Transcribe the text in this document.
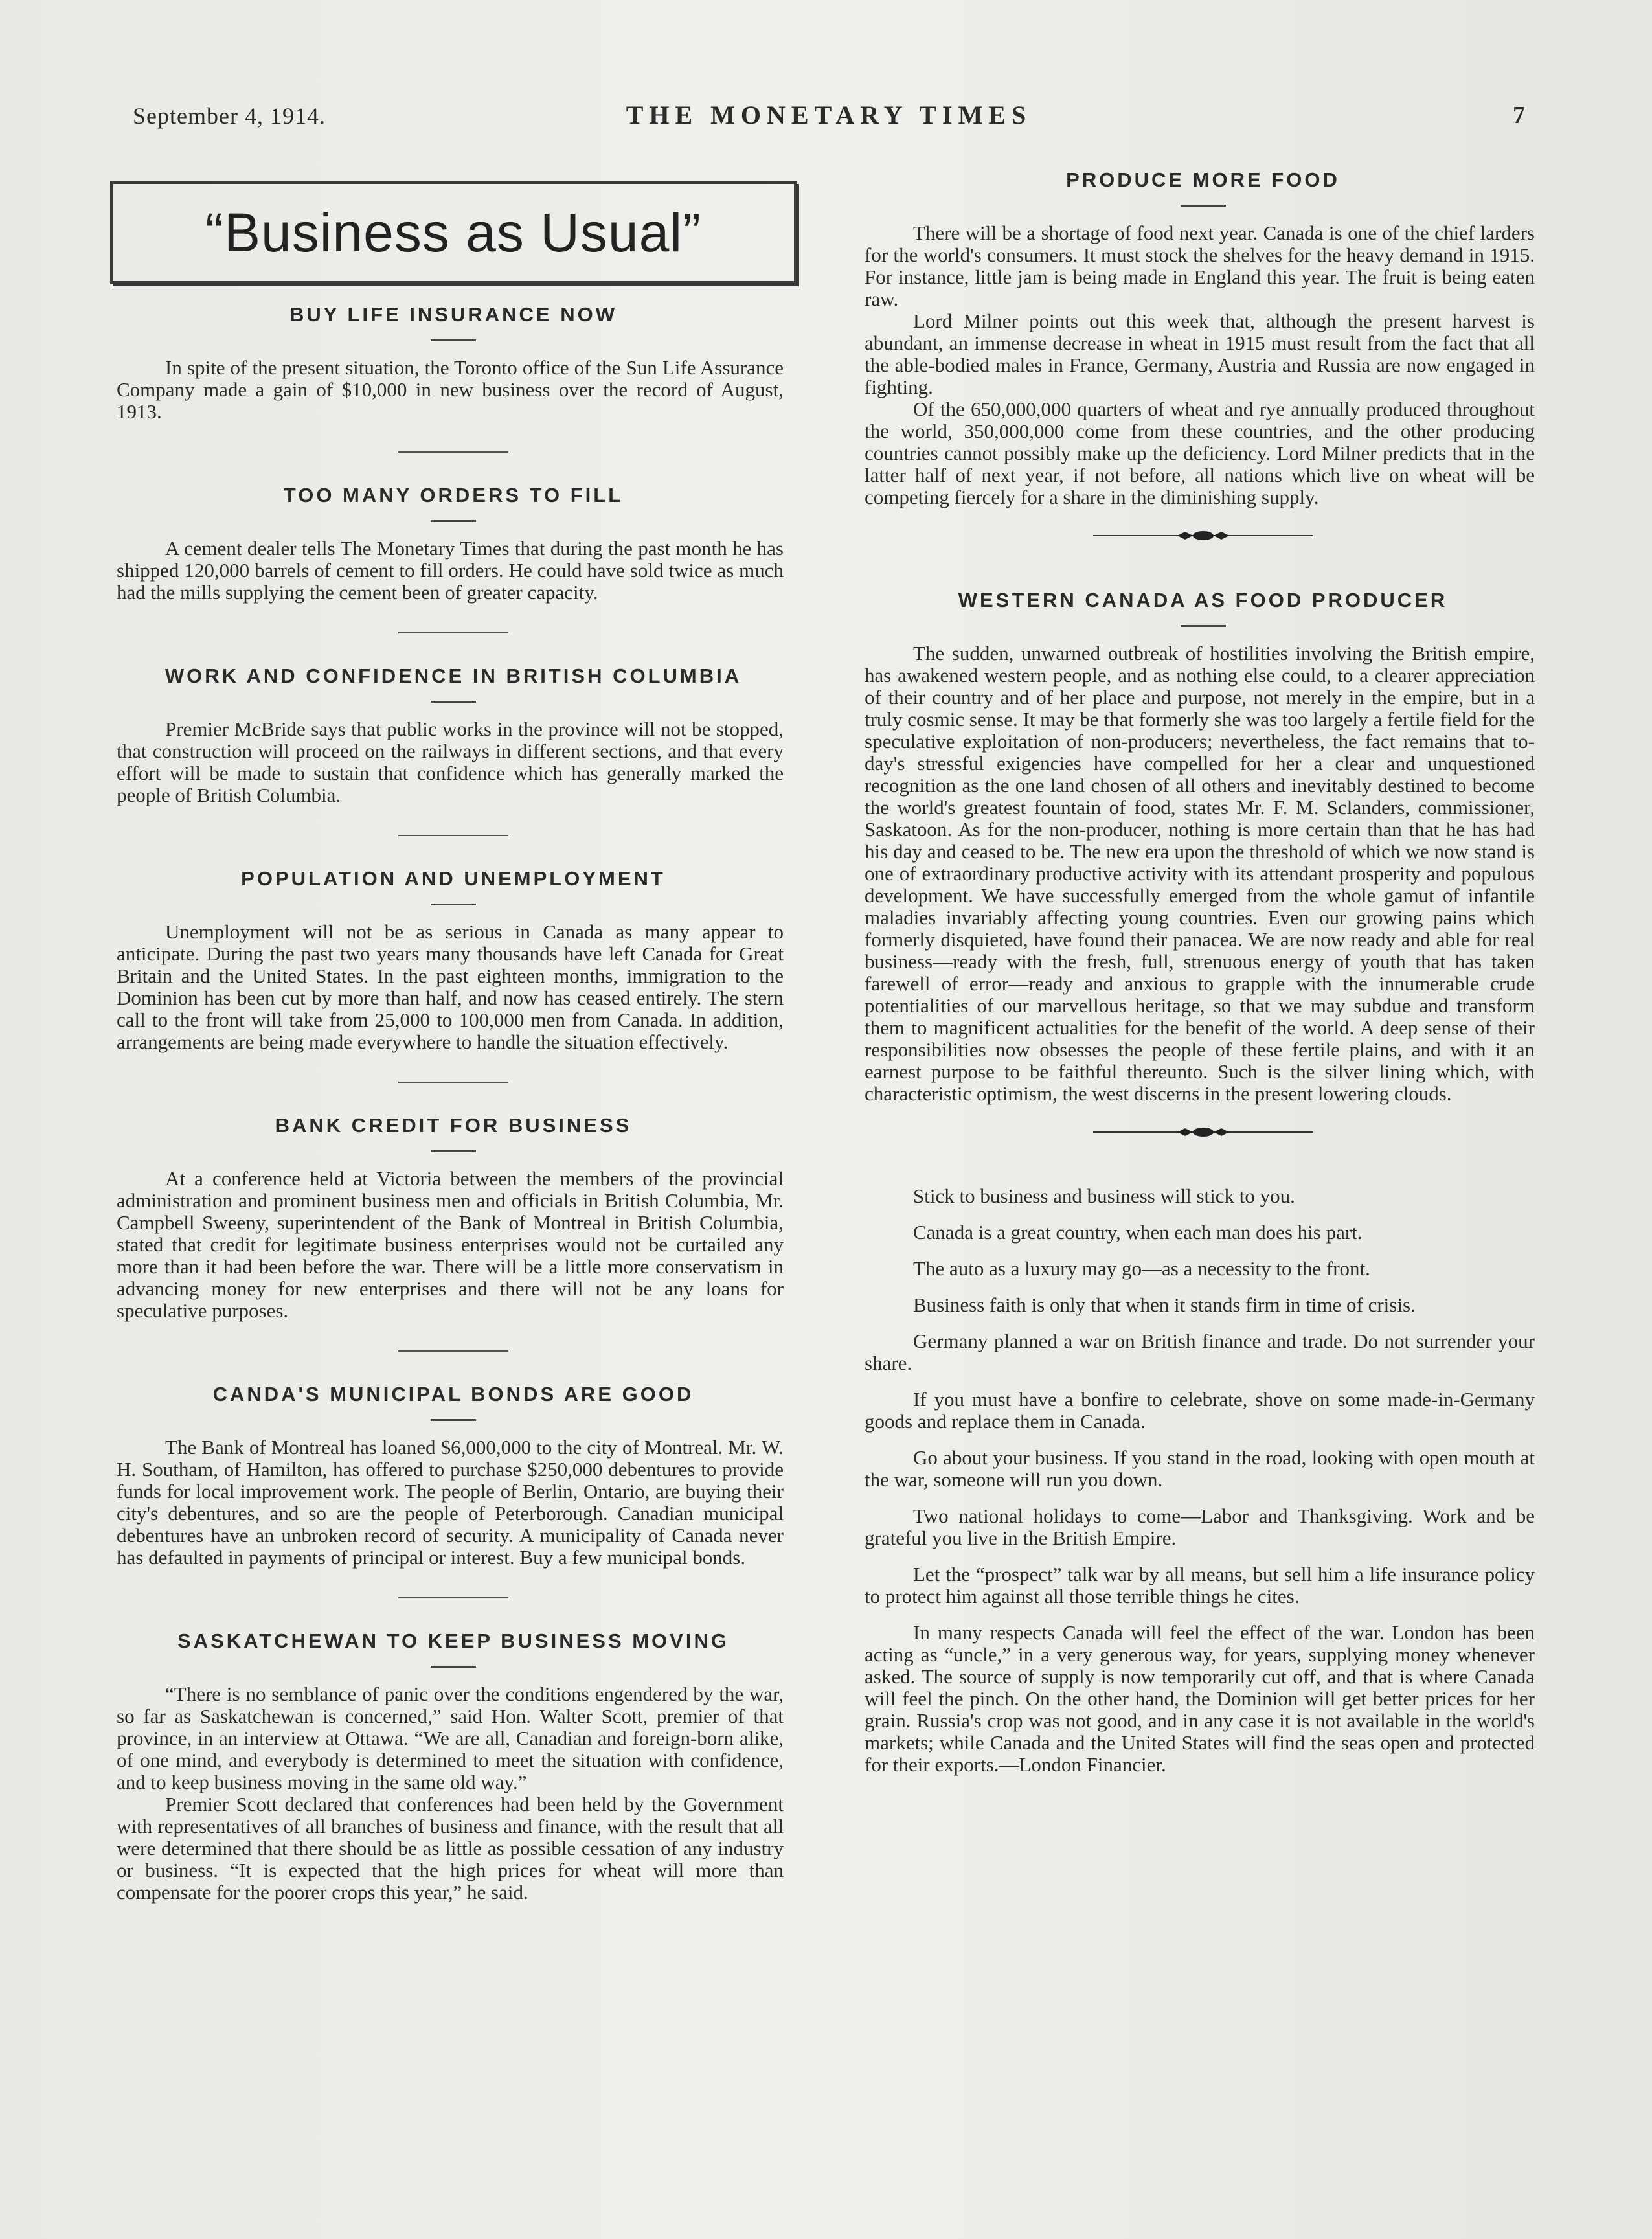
September 4, 1914.	THE MONETARY TIMES	7
“Business as Usual”
BUY LIFE INSURANCE NOW

In spite of the present situation, the Toronto office of the Sun Life Assurance Company made a gain of $10,000 in new business over the record of August, 1913.

TOO MANY ORDERS TO FILL

A cement dealer tells The Monetary Times that during the past month he has shipped 120,000 barrels of cement to fill orders. He could have sold twice as much had the mills supplying the cement been of greater capacity.

WORK AND CONFIDENCE IN BRITISH COLUMBIA

Premier McBride says that public works in the province will not be stopped, that construction will proceed on the railways in different sections, and that every effort will be made to sustain that confidence which has generally marked the people of British Columbia.

POPULATION AND UNEMPLOYMENT

Unemployment will not be as serious in Canada as many appear to anticipate. During the past two years many thousands have left Canada for Great Britain and the United States. In the past eighteen months, immigration to the Dominion has been cut by more than half, and now has ceased entirely. The stern call to the front will take from 25,000 to 100,000 men from Canada. In addition, arrangements are being made everywhere to handle the situation effectively.

BANK CREDIT FOR BUSINESS

At a conference held at Victoria between the members of the provincial administration and prominent business men and officials in British Columbia, Mr. Campbell Sweeny, superintendent of the Bank of Montreal in British Columbia, stated that credit for legitimate business enterprises would not be curtailed any more than it had been before the war. There will be a little more conservatism in advancing money for new enterprises and there will not be any loans for speculative purposes.

CANDA'S MUNICIPAL BONDS ARE GOOD

The Bank of Montreal has loaned $6,000,000 to the city of Montreal. Mr. W. H. Southam, of Hamilton, has offered to purchase $250,000 debentures to provide funds for local improvement work. The people of Berlin, Ontario, are buying their city's debentures, and so are the people of Peterborough. Canadian municipal debentures have an unbroken record of security. A municipality of Canada never has defaulted in payments of principal or interest. Buy a few municipal bonds.

SASKATCHEWAN TO KEEP BUSINESS MOVING

“There is no semblance of panic over the conditions engendered by the war, so far as Saskatchewan is concerned,” said Hon. Walter Scott, premier of that province, in an interview at Ottawa. “We are all, Canadian and foreign-born alike, of one mind, and everybody is determined to meet the situation with confidence, and to keep business moving in the same old way.”

Premier Scott declared that conferences had been held by the Government with representatives of all branches of business and finance, with the result that all were determined that there should be as little as possible cessation of any industry or business. “It is expected that the high prices for wheat will more than compensate for the poorer crops this year,” he said.

PRODUCE MORE FOOD

There will be a shortage of food next year. Canada is one of the chief larders for the world's consumers. It must stock the shelves for the heavy demand in 1915. For instance, little jam is being made in England this year. The fruit is being eaten raw.

Lord Milner points out this week that, although the present harvest is abundant, an immense decrease in wheat in 1915 must result from the fact that all the able-bodied males in France, Germany, Austria and Russia are now engaged in fighting.

Of the 650,000,000 quarters of wheat and rye annually produced throughout the world, 350,000,000 come from these countries, and the other producing countries cannot possibly make up the deficiency. Lord Milner predicts that in the latter half of next year, if not before, all nations which live on wheat will be competing fiercely for a share in the diminishing supply.

WESTERN CANADA AS FOOD PRODUCER

The sudden, unwarned outbreak of hostilities involving the British empire, has awakened western people, and as nothing else could, to a clearer appreciation of their country and of her place and purpose, not merely in the empire, but in a truly cosmic sense. It may be that formerly she was too largely a fertile field for the speculative exploitation of non-producers; nevertheless, the fact remains that to-day's stressful exigencies have compelled for her a clear and unquestioned recognition as the one land chosen of all others and inevitably destined to become the world's greatest fountain of food, states Mr. F. M. Sclanders, commissioner, Saskatoon. As for the non-producer, nothing is more certain than that he has had his day and ceased to be. The new era upon the threshold of which we now stand is one of extraordinary productive activity with its attendant prosperity and populous development. We have successfully emerged from the whole gamut of infantile maladies invariably affecting young countries. Even our growing pains which formerly disquieted, have found their panacea. We are now ready and able for real business—ready with the fresh, full, strenuous energy of youth that has taken farewell of error—ready and anxious to grapple with the innumerable crude potentialities of our marvellous heritage, so that we may subdue and transform them to magnificent actualities for the benefit of the world. A deep sense of their responsibilities now obsesses the people of these fertile plains, and with it an earnest purpose to be faithful thereunto. Such is the silver lining which, with characteristic optimism, the west discerns in the present lowering clouds.

Stick to business and business will stick to you.

Canada is a great country, when each man does his part.

The auto as a luxury may go—as a necessity to the front.

Business faith is only that when it stands firm in time of crisis.

Germany planned a war on British finance and trade. Do not surrender your share.

If you must have a bonfire to celebrate, shove on some made-in-Germany goods and replace them in Canada.

Go about your business. If you stand in the road, looking with open mouth at the war, someone will run you down.

Two national holidays to come—Labor and Thanksgiving. Work and be grateful you live in the British Empire.

Let the “prospect” talk war by all means, but sell him a life insurance policy to protect him against all those terrible things he cites.

In many respects Canada will feel the effect of the war. London has been acting as “uncle,” in a very generous way, for years, supplying money whenever asked. The source of supply is now temporarily cut off, and that is where Canada will feel the pinch. On the other hand, the Dominion will get better prices for her grain. Russia's crop was not good, and in any case it is not available in the world's markets; while Canada and the United States will find the seas open and protected for their exports.—London Financier.
